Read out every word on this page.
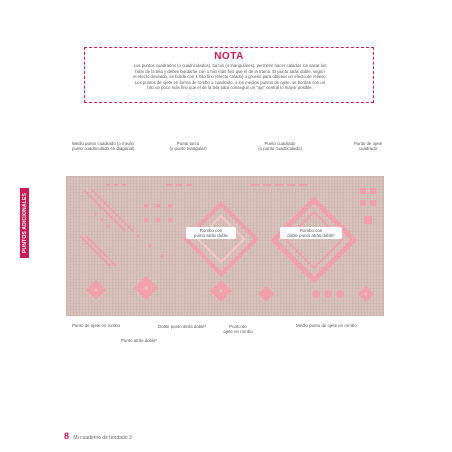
NOTA
Los puntos cuadrados (o cuadriculados), turcos (o triangulares), permiten hacer calados sin sacar los
hilos de la tela y deben bordarse con 1 hilo más fino que el de la trama. El punto atrás doble, según
el efecto deseado, se borda con 1 hilo fino (efecto calado) o grueso para obtener un efecto de relieve.
Los puntos de ojete en forma de rombo o cuadrado, o los medios puntos de ojete, se bordan con un
hilo un poco más fino que el de la tela para conseguir un "ojo" central lo mayor posible.
PUNTOS ADICIONALES
Medio punto cuadrado (o medio
punto cuadriculado en diagonal)
Punto turco
(o punto triangular)
Punto cuadrado
(o punto cuadriculado)
Punto de ojete
cuadrado
Rombo con
punto atrás doble
Rombo con
doble punto atrás doble*
Punto de ojete en rombo
Punto atrás doble*
Doble punto atrás doble*	Punto de
ojete en rombo
Medio punto de ojete en rombo
8 Mi cuaderno de bordado 3
